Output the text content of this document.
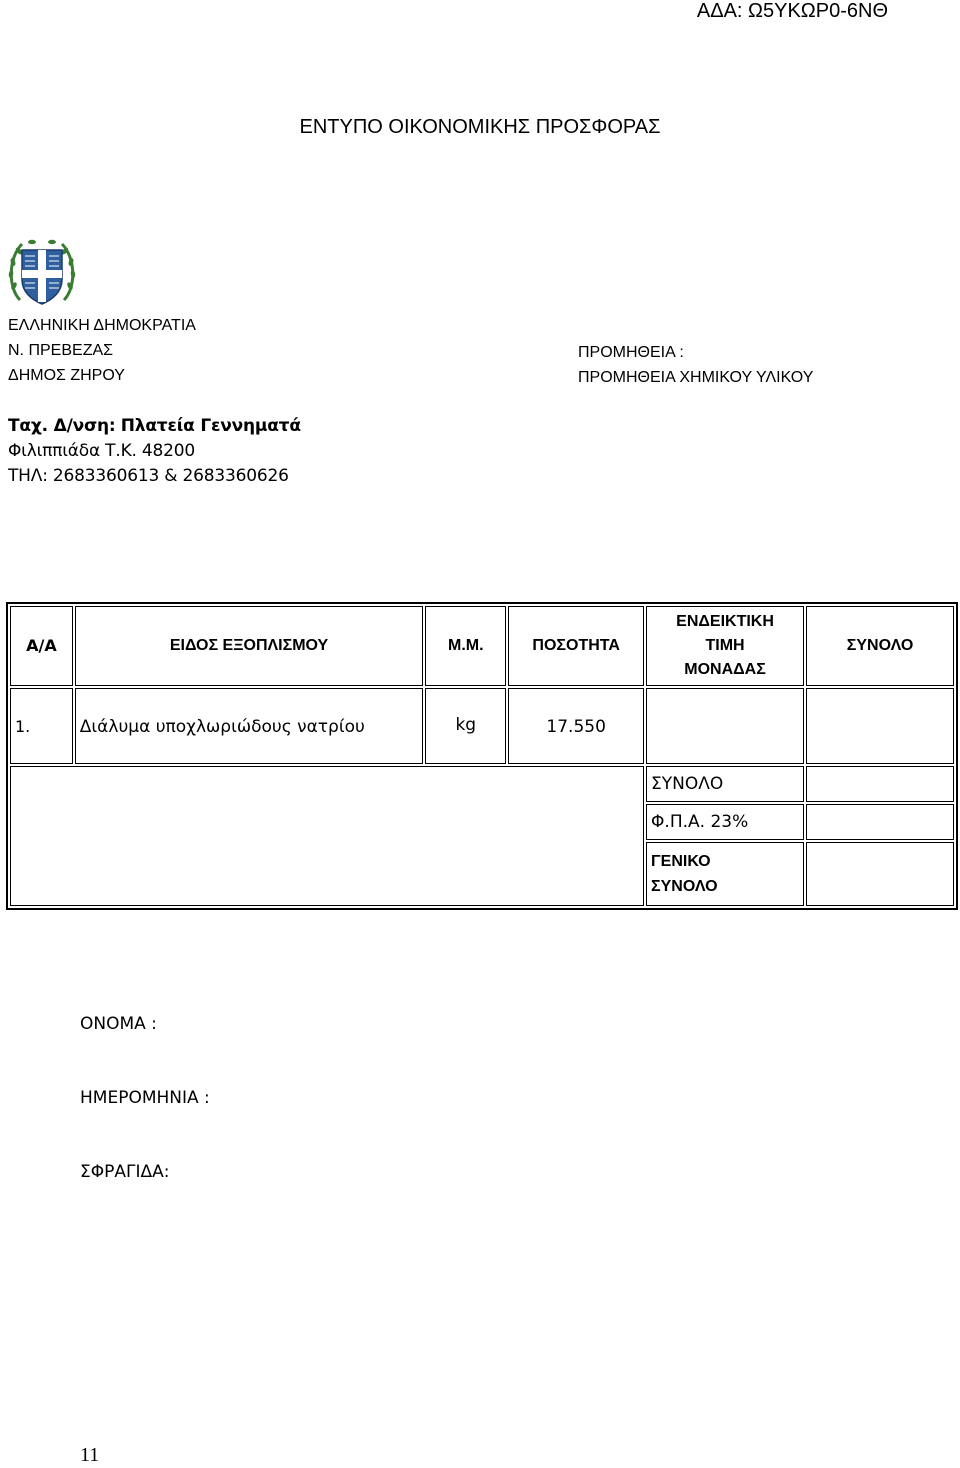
ΑΔΑ: Ω5ΥΚΩΡ0-6ΝΘ
ΕΝΤΥΠΟ ΟΙΚΟΝΟΜΙΚΗΣ ΠΡΟΣΦΟΡΑΣ
ΕΛΛΗΝΙΚΗ ΔΗΜΟΚΡΑΤΙΑ
Ν. ΠΡΕΒΕΖΑΣ
ΔΗΜΟΣ ΖΗΡΟΥ
ΠΡΟΜΗΘΕΙΑ :
ΠΡΟΜΗΘΕΙΑ ΧΗΜΙΚΟΥ ΥΛΙΚΟΥ
Ταχ. Δ/νση: Πλατεία Γεννηματά
Φιλιππιάδα Τ.Κ. 48200
ΤΗΛ: 2683360613 & 2683360626
Α/Α	ΕΙΔΟΣ ΕΞΟΠΛΙΣΜΟΥ	Μ.Μ.	ΠΟΣΟΤΗΤΑ	ΕΝΔΕΙΚΤΙΚΗ
ΤΙΜΗ
ΜΟΝΑΔΑΣ	ΣΥΝΟΛΟ
1.	Διάλυμα υποχλωριώδους νατρίου	kg	17.550		
				ΣΥΝΟΛΟ	
				Φ.Π.Α. 23%	

				ΓΕΝΙΚΟ
ΣΥΝΟΛΟ	

ΟΝΟΜΑ :
ΗΜΕΡΟΜΗΝΙΑ :
ΣΦΡΑΓΙΔΑ:
11
